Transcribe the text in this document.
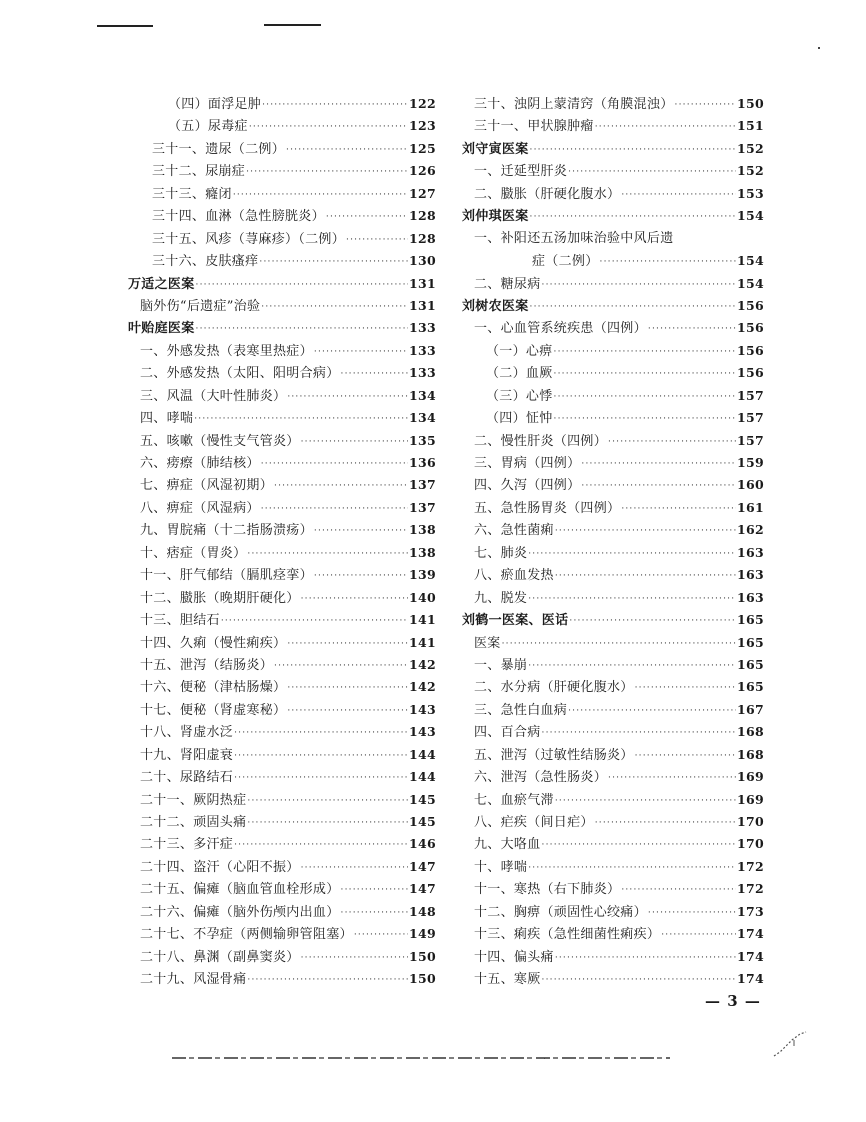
（四）面浮足肿 ·····	122
（五）尿毒症 ·····	123
三十一、遗尿（二例） ·····	125
三十二、尿崩症 ·····	126
三十三、癃闭 ·····	127
三十四、血淋（急性膀胱炎） ·····	128
三十五、风疹（荨麻疹）（二例） ·····	128
三十六、皮肤瘙痒 ·····	130
万适之医案 ·····	131
脑外伤“后遗症”治验 ·····	131
叶贻庭医案 ·····	133
一、外感发热（表寒里热症） ·····	133
二、外感发热（太阳、阳明合病） ·····	133
三、风温（大叶性肺炎） ·····	134
四、哮喘 ·····	134
五、咳嗽（慢性支气管炎） ·····	135
六、痨瘵（肺结核） ·····	136
七、痹症（风湿初期） ·····	137
八、痹症（风湿病） ·····	137
九、胃脘痛（十二指肠溃疡） ·····	138
十、痞症（胃炎） ·····	138
十一、肝气郁结（膈肌痉挛） ·····	139
十二、臌胀（晚期肝硬化） ·····	140
十三、胆结石 ·····	141
十四、久痢（慢性痢疾） ·····	141
十五、泄泻（结肠炎） ·····	142
十六、便秘（津枯肠燥） ·····	142
十七、便秘（肾虚寒秘） ·····	143
十八、肾虚水泛 ·····	143
十九、肾阳虚衰 ·····	144
二十、尿路结石 ·····	144
二十一、厥阴热症 ·····	145
二十二、顽固头痛 ·····	145
二十三、多汗症 ·····	146
二十四、盗汗（心阳不振） ·····	147
二十五、偏瘫（脑血管血栓形成） ·····	147
二十六、偏瘫（脑外伤颅内出血） ·····	148
二十七、不孕症（两侧输卵管阻塞） ·····	149
二十八、鼻渊（副鼻窦炎） ·····	150
二十九、风湿骨痛 ·····	150
三十、浊阴上蒙清窍（角膜混浊） ·····	150
三十一、甲状腺肿瘤 ·····	151
刘守寅医案 ·····	152
一、迁延型肝炎 ·····	152
二、臌胀（肝硬化腹水） ·····	153
刘仲琪医案 ·····	154
一、补阳还五汤加味治验中风后遗
症（二例） ·····	154
二、糖尿病 ·····	154
刘树农医案 ·····	156
一、心血管系统疾患（四例） ·····	156
（一）心痹 ·····	156
（二）血厥 ·····	156
（三）心悸 ·····	157
（四）怔忡 ·····	157
二、慢性肝炎（四例） ·····	157
三、胃病（四例） ·····	159
四、久泻（四例） ·····	160
五、急性肠胃炎（四例） ·····	161
六、急性菌痢 ·····	162
七、肺炎 ·····	163
八、瘀血发热 ·····	163
九、脱发 ·····	163
刘鹤一医案、医话 ·····	165
医案 ·····	165
一、暴崩 ·····	165
二、水分病（肝硬化腹水） ·····	165
三、急性白血病 ·····	167
四、百合病 ·····	168
五、泄泻（过敏性结肠炎） ·····	168
六、泄泻（急性肠炎） ·····	169
七、血瘀气滞 ·····	169
八、疟疾（间日疟） ·····	170
九、大咯血 ·····	170
十、哮喘 ·····	172
十一、寒热（右下肺炎） ·····	172
十二、胸痹（顽固性心绞痛） ·····	173
十三、痢疾（急性细菌性痢疾） ·····	174
十四、偏头痛 ·····	174
十五、寒厥 ·····	174
— 3 —
